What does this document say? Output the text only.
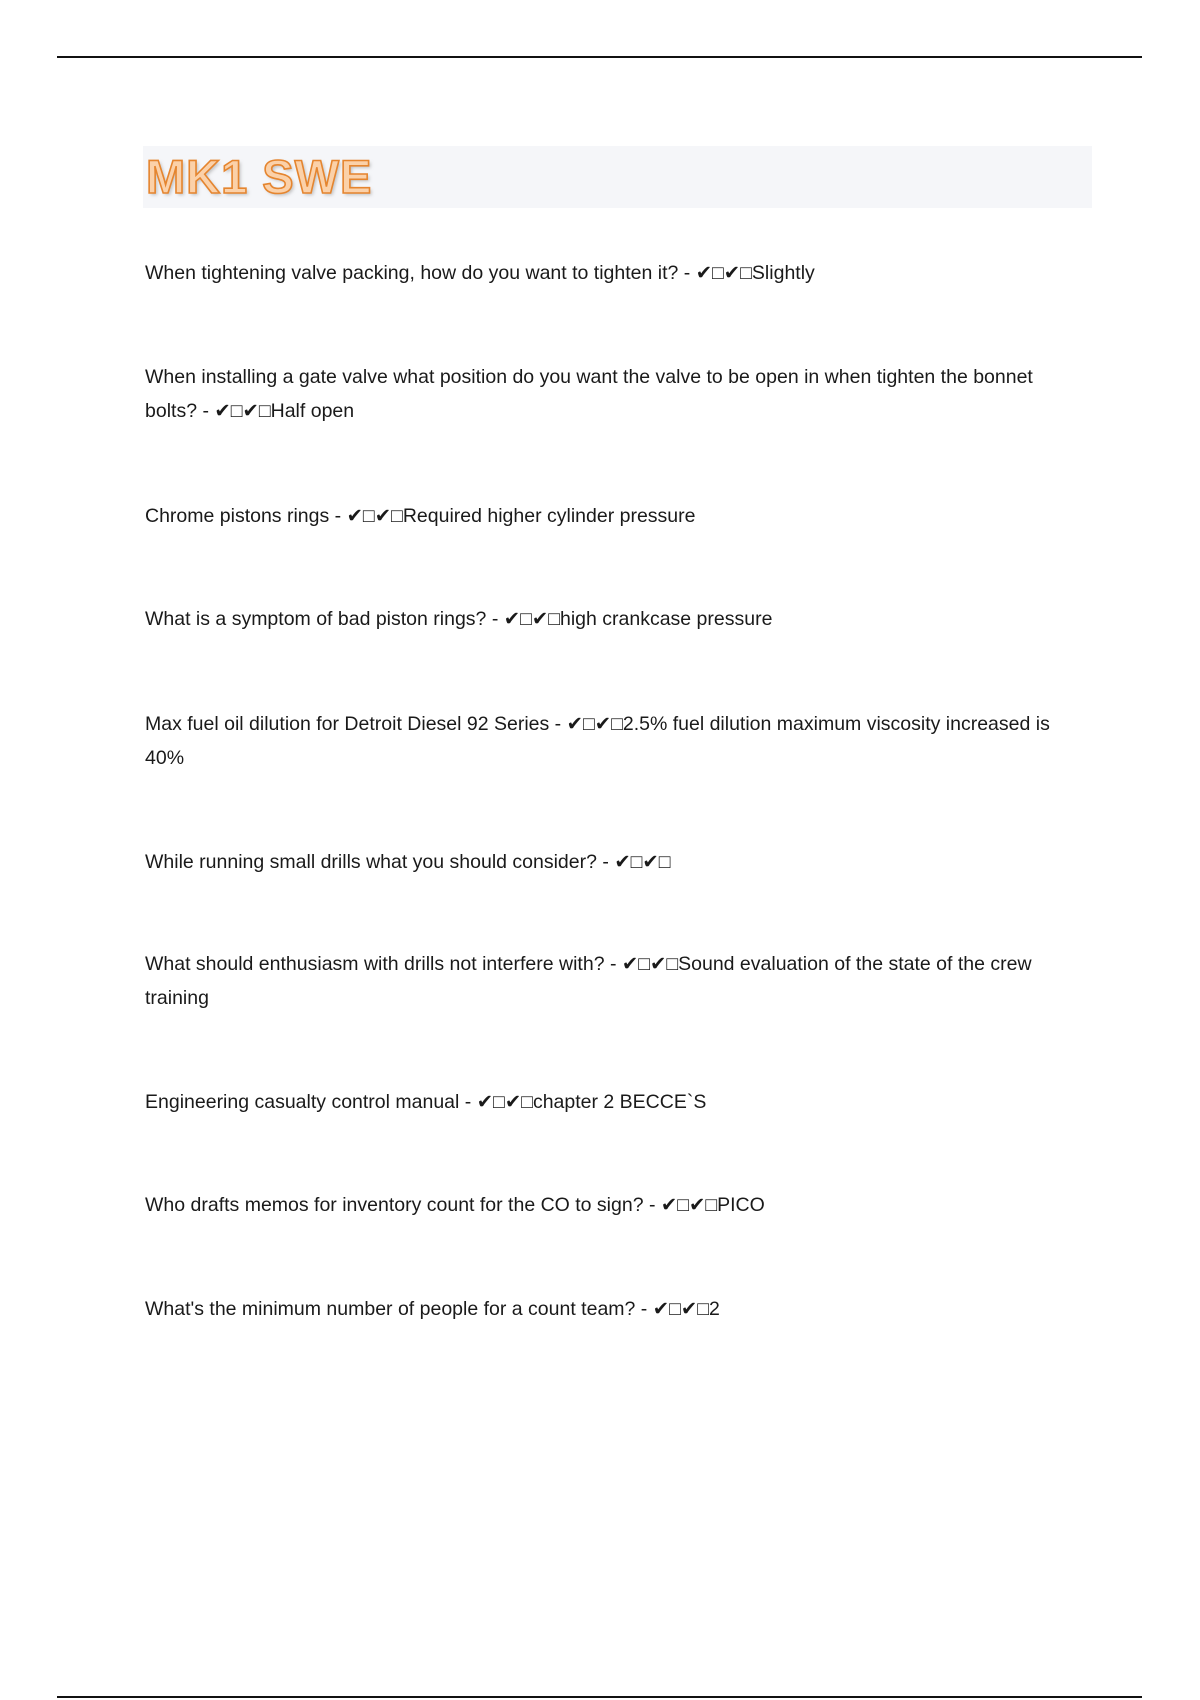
MK1 SWE
When tightening valve packing, how do you want to tighten it? - ✔□✔□Slightly
When installing a gate valve what position do you want the valve to be open in when tighten the bonnet bolts? - ✔□✔□Half open
Chrome pistons rings - ✔□✔□Required higher cylinder pressure
What is a symptom of bad piston rings? - ✔□✔□high crankcase pressure
Max fuel oil dilution for Detroit Diesel 92 Series - ✔□✔□2.5% fuel dilution maximum viscosity increased is 40%
While running small drills what you should consider? - ✔□✔□
What should enthusiasm with drills not interfere with? - ✔□✔□Sound evaluation of the state of the crew training
Engineering casualty control manual - ✔□✔□chapter 2 BECCE`S
Who drafts memos for inventory count for the CO to sign? - ✔□✔□PICO
What's the minimum number of people for a count team? - ✔□✔□2
